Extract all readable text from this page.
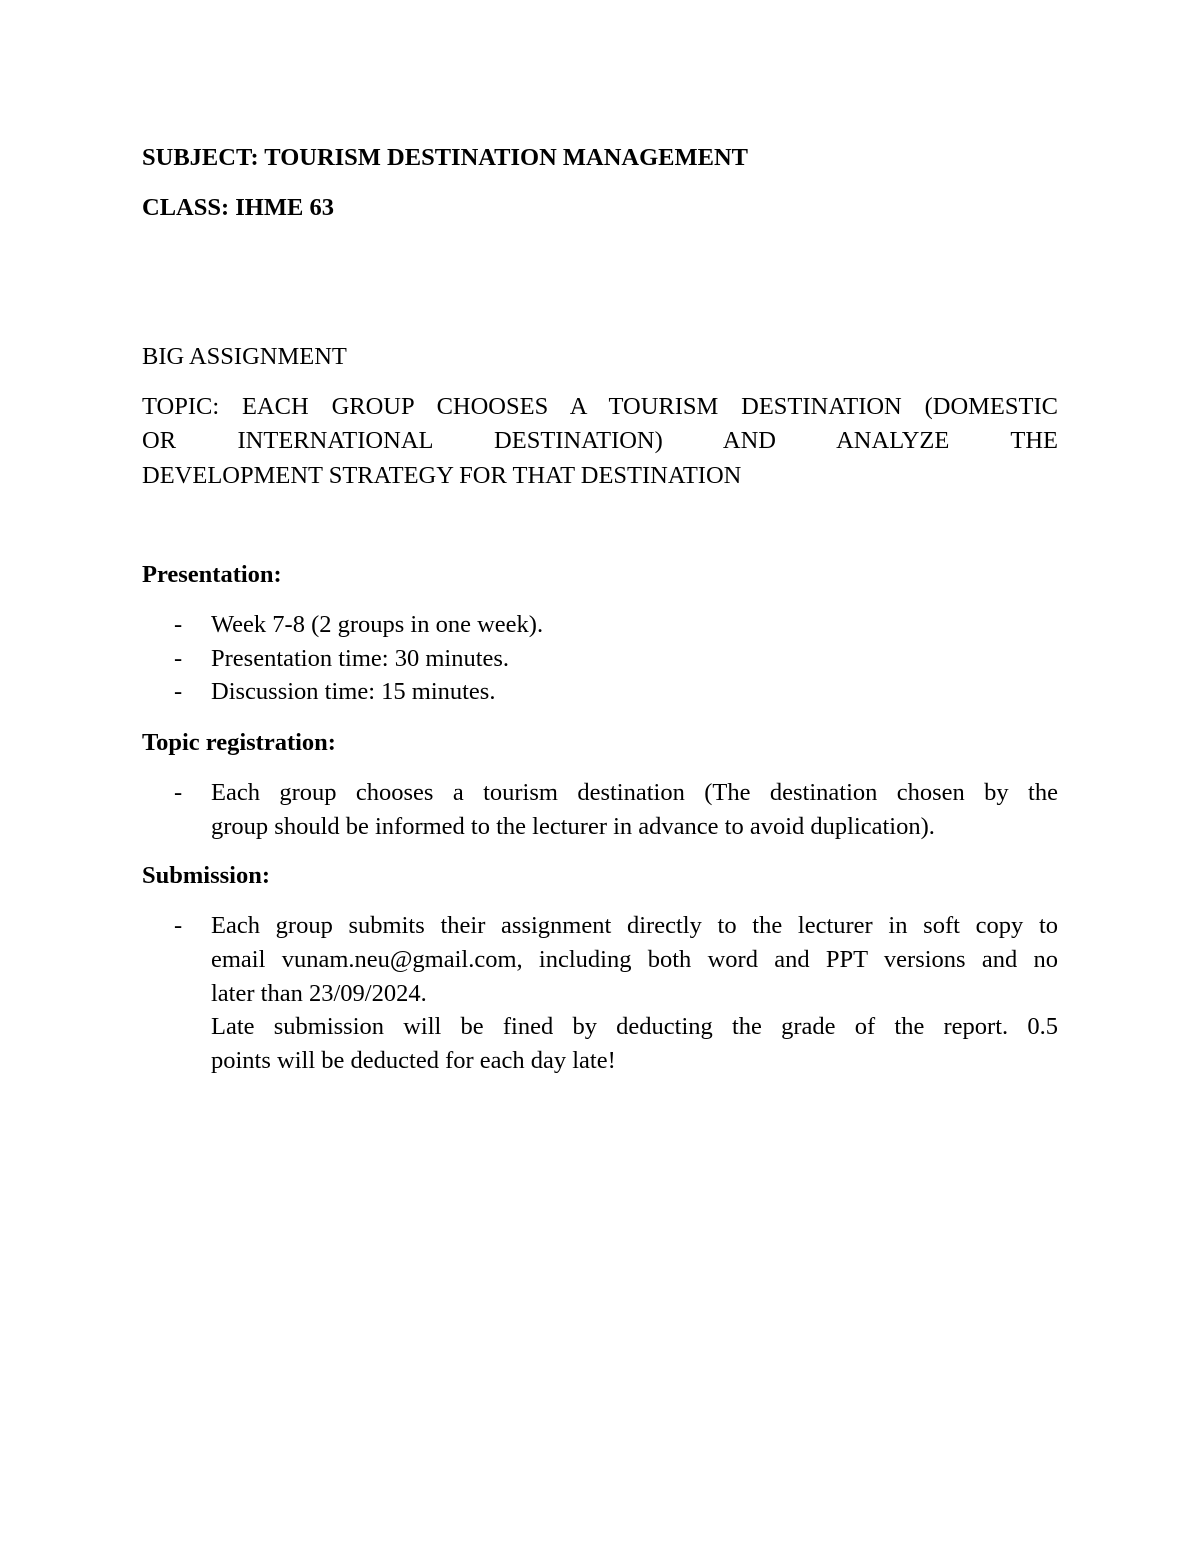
SUBJECT: TOURISM DESTINATION MANAGEMENT
CLASS: IHME 63
BIG ASSIGNMENT
TOPIC: EACH GROUP CHOOSES A TOURISM DESTINATION (DOMESTIC
OR INTERNATIONAL DESTINATION) AND ANALYZE THE
DEVELOPMENT STRATEGY FOR THAT DESTINATION
Presentation:
- Week 7-8 (2 groups in one week).
- Presentation time: 30 minutes.
- Discussion time: 15 minutes.
Topic registration:
- Each group chooses a tourism destination (The destination chosen by the
group should be informed to the lecturer in advance to avoid duplication).
Submission:
- Each group submits their assignment directly to the lecturer in soft copy to
email vunam.neu@gmail.com, including both word and PPT versions and no
later than 23/09/2024.
Late submission will be fined by deducting the grade of the report. 0.5
points will be deducted for each day late!
